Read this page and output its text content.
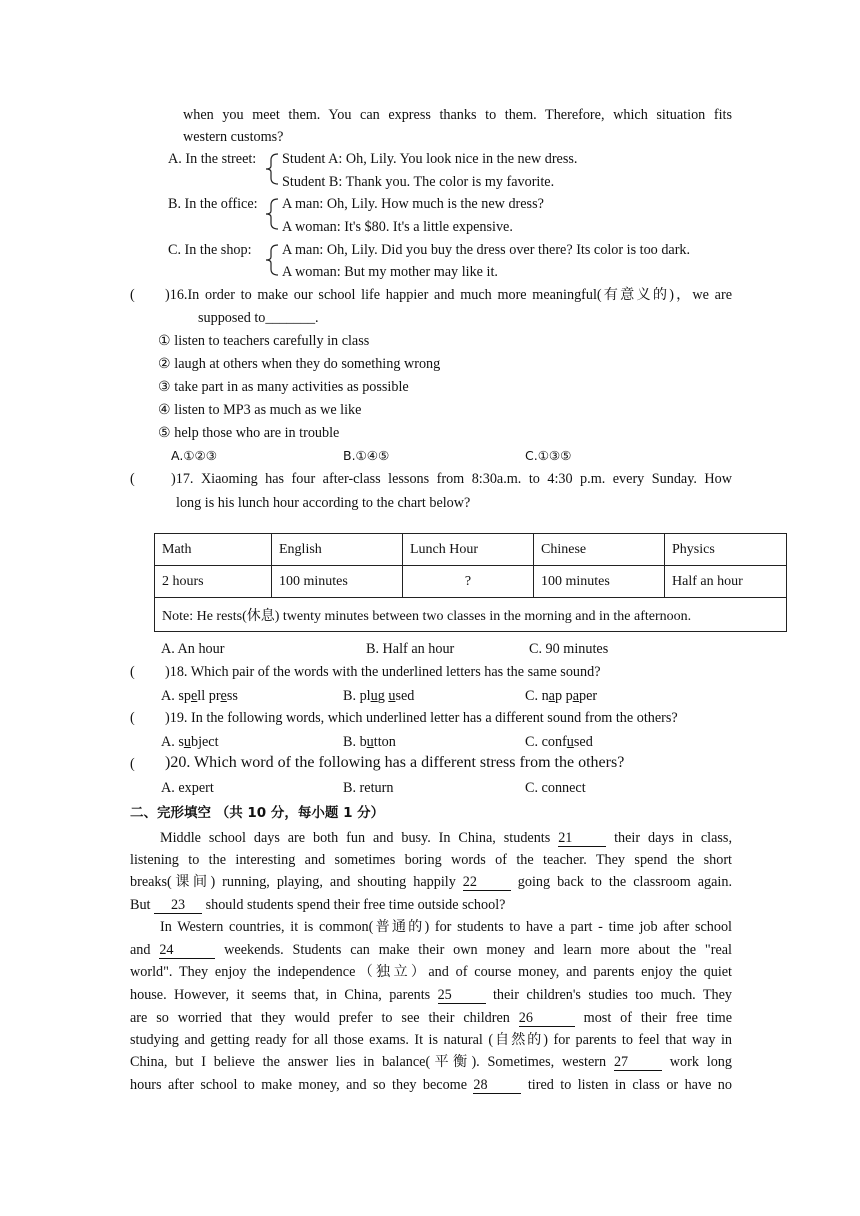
when you meet them. You can express thanks to them. Therefore, which situation fits
western customs?
A. In the street: Student A: Oh, Lily. You look nice in the new dress.
Student B: Thank you. The color is my favorite.
B. In the office: A man: Oh, Lily. How much is the new dress?
A woman: It's $80. It's a little expensive.
C. In the shop: A man: Oh, Lily. Did you buy the dress over there? Its color is too dark.
A woman: But my mother may like it.
( )16.In order to make our school life happier and much more meaningful(有意义的)，we are
supposed to_______.
① listen to teachers carefully in class
② laugh at others when they do something wrong
③ take part in as many activities as possible
④ listen to MP3 as much as we like
⑤ help those who are in trouble
A.①②③	B.①④⑤	C.①③⑤
(	)17. Xiaoming has four after-class lessons from 8:30a.m. to 4:30 p.m. every Sunday. How
long is his lunch hour according to the chart below?
Math	English	Lunch Hour	Chinese	Physics
2 hours	100 minutes	?	100 minutes	Half an hour
Note: He rests(休息) twenty minutes between two classes in the morning and in the afternoon.				
A. An hour	B. Half an hour	C. 90 minutes
( )18. Which pair of the words with the underlined letters has the same sound?
A. spell press	B. plug used	C. nap paper
( )19. In the following words, which underlined letter has a different sound from the others?
A. subject	B. button	C. confused
( )20. Which word of the following has a different stress from the others?
A. expert	B. return	C. connect
二、完形填空 （共 10 分，每小题 1 分）
Middle school days are both fun and busy. In China, students 21 their days in class,
listening to the interesting and sometimes boring words of the teacher. They spend the short
breaks(课间) running, playing, and shouting happily 22 going back to the classroom again.
But 23 should students spend their free time outside school?
In Western countries, it is common(普通的) for students to have a part - time job after school
and 24	weekends. Students can make their own money and learn more about the "real
world". They enjoy the independence（独立）and of course money, and parents enjoy the quiet
house. However, it seems that, in China, parents 25 their children's studies too much. They
are so worried that they would prefer to see their children 26	most of their free time
studying and getting ready for all those exams. It is natural (自然的) for parents to feel that way in
China, but I believe the answer lies in balance(平衡). Sometimes, western 27 work long
hours after school to make money, and so they become 28 tired to listen in class or have no
